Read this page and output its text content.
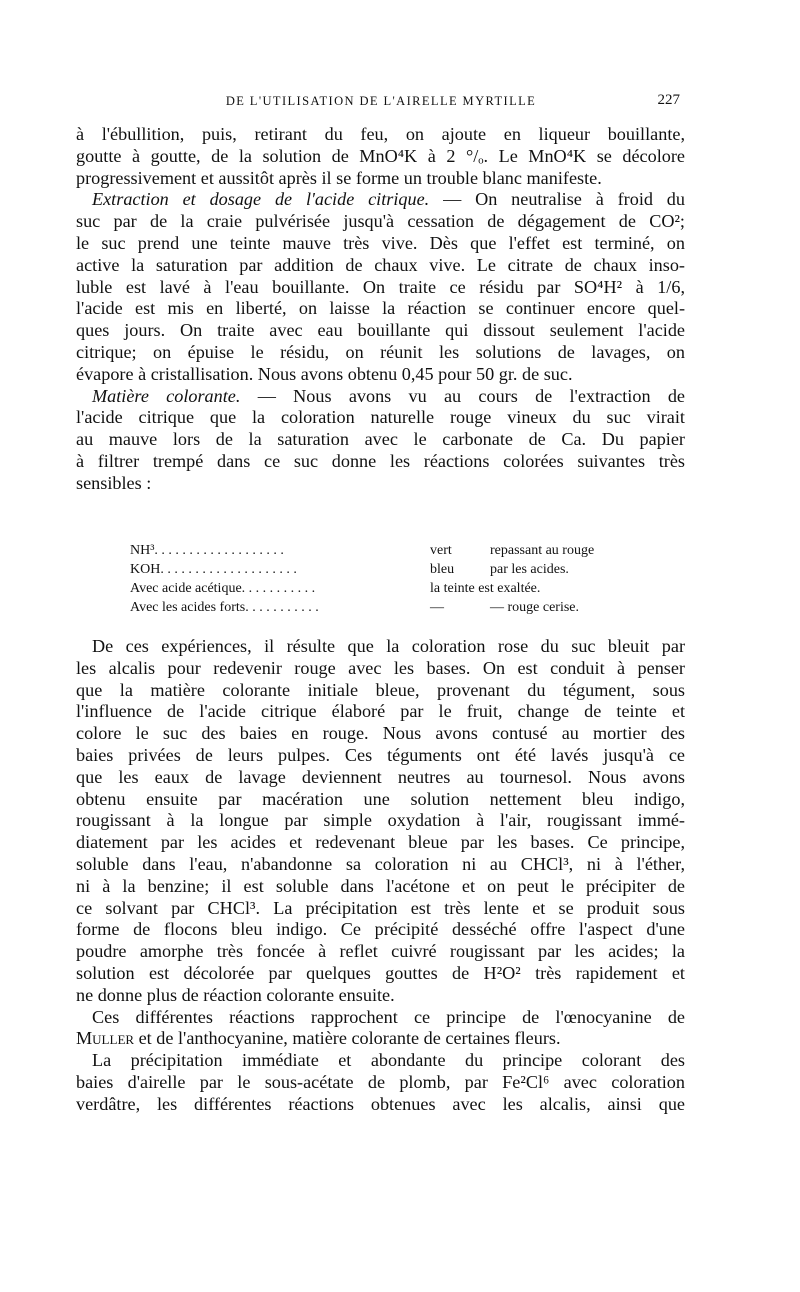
DE L'UTILISATION DE L'AIRELLE MYRTILLE	227
à l'ébullition, puis, retirant du feu, on ajoute en liqueur bouillante,
goutte à goutte, de la solution de MnO⁴K à 2 °/ₒ. Le MnO⁴K se décolore
progressivement et aussitôt après il se forme un trouble blanc manifeste.
Extraction et dosage de l'acide citrique. — On neutralise à froid du
suc par de la craie pulvérisée jusqu'à cessation de dégagement de CO²;
le suc prend une teinte mauve très vive. Dès que l'effet est terminé, on
active la saturation par addition de chaux vive. Le citrate de chaux inso-
luble est lavé à l'eau bouillante. On traite ce résidu par SO⁴H² à 1/6,
l'acide est mis en liberté, on laisse la réaction se continuer encore quel-
ques jours. On traite avec eau bouillante qui dissout seulement l'acide
citrique; on épuise le résidu, on réunit les solutions de lavages, on
évapore à cristallisation. Nous avons obtenu 0,45 pour 50 gr. de suc.
Matière colorante. — Nous avons vu au cours de l'extraction de
l'acide citrique que la coloration naturelle rouge vineux du suc virait
au mauve lors de la saturation avec le carbonate de Ca. Du papier
à filtrer trempé dans ce suc donne les réactions colorées suivantes très
sensibles :
NH³. . . . . . . . . . . . . . . . . . .	vert	repassant au rouge
KOH. . . . . . . . . . . . . . . . . . . .	bleu	par les acides.
Avec acide acétique. . . . . . . . . . .	la teinte est exaltée.
Avec les acides forts. . . . . . . . . . .	—	— rouge cerise.
De ces expériences, il résulte que la coloration rose du suc bleuit par
les alcalis pour redevenir rouge avec les bases. On est conduit à penser
que la matière colorante initiale bleue, provenant du tégument, sous
l'influence de l'acide citrique élaboré par le fruit, change de teinte et
colore le suc des baies en rouge. Nous avons contusé au mortier des
baies privées de leurs pulpes. Ces téguments ont été lavés jusqu'à ce
que les eaux de lavage deviennent neutres au tournesol. Nous avons
obtenu ensuite par macération une solution nettement bleu indigo,
rougissant à la longue par simple oxydation à l'air, rougissant immé-
diatement par les acides et redevenant bleue par les bases. Ce principe,
soluble dans l'eau, n'abandonne sa coloration ni au CHCl³, ni à l'éther,
ni à la benzine; il est soluble dans l'acétone et on peut le précipiter de
ce solvant par CHCl³. La précipitation est très lente et se produit sous
forme de flocons bleu indigo. Ce précipité desséché offre l'aspect d'une
poudre amorphe très foncée à reflet cuivré rougissant par les acides; la
solution est décolorée par quelques gouttes de H²O² très rapidement et
ne donne plus de réaction colorante ensuite.
Ces différentes réactions rapprochent ce principe de l'œnocyanine de
Muller et de l'anthocyanine, matière colorante de certaines fleurs.
La précipitation immédiate et abondante du principe colorant des
baies d'airelle par le sous-acétate de plomb, par Fe²Cl⁶ avec coloration
verdâtre, les différentes réactions obtenues avec les alcalis, ainsi que
